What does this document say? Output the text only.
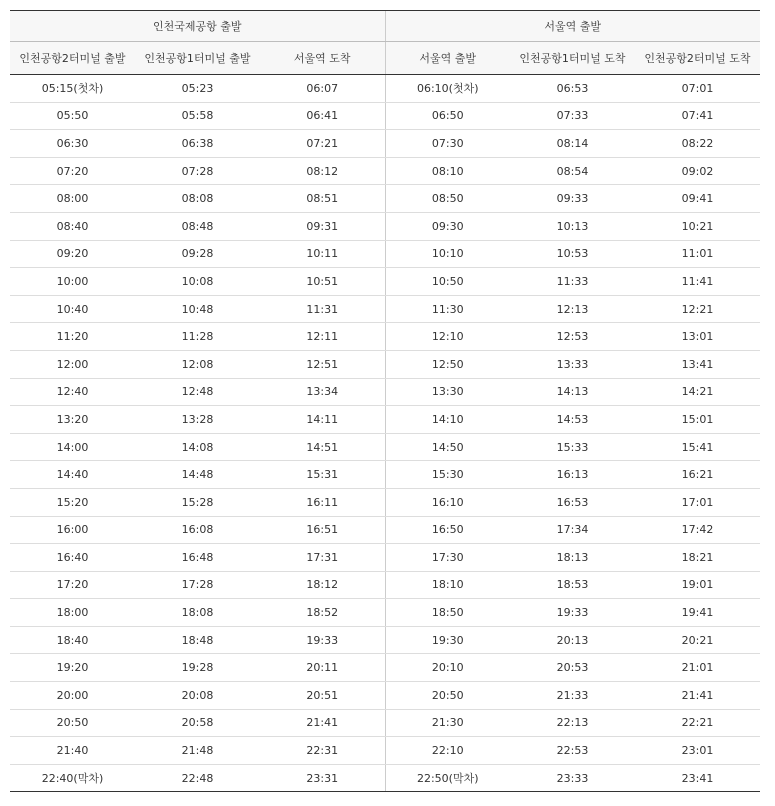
인천국제공항 출발			서울역 출발		
인천공항2터미널 출발	인천공항1터미널 출발	서울역 도착	서울역 출발	인천공항1터미널 도착	인천공항2터미널 도착
05:15(첫차)	05:23	06:07	06:10(첫차)	06:53	07:01
05:50	05:58	06:41	06:50	07:33	07:41
06:30	06:38	07:21	07:30	08:14	08:22
07:20	07:28	08:12	08:10	08:54	09:02
08:00	08:08	08:51	08:50	09:33	09:41
08:40	08:48	09:31	09:30	10:13	10:21
09:20	09:28	10:11	10:10	10:53	11:01
10:00	10:08	10:51	10:50	11:33	11:41
10:40	10:48	11:31	11:30	12:13	12:21
11:20	11:28	12:11	12:10	12:53	13:01
12:00	12:08	12:51	12:50	13:33	13:41
12:40	12:48	13:34	13:30	14:13	14:21
13:20	13:28	14:11	14:10	14:53	15:01
14:00	14:08	14:51	14:50	15:33	15:41
14:40	14:48	15:31	15:30	16:13	16:21
15:20	15:28	16:11	16:10	16:53	17:01
16:00	16:08	16:51	16:50	17:34	17:42
16:40	16:48	17:31	17:30	18:13	18:21
17:20	17:28	18:12	18:10	18:53	19:01
18:00	18:08	18:52	18:50	19:33	19:41
18:40	18:48	19:33	19:30	20:13	20:21
19:20	19:28	20:11	20:10	20:53	21:01
20:00	20:08	20:51	20:50	21:33	21:41
20:50	20:58	21:41	21:30	22:13	22:21
21:40	21:48	22:31	22:10	22:53	23:01
22:40(막차)	22:48	23:31	22:50(막차)	23:33	23:41
